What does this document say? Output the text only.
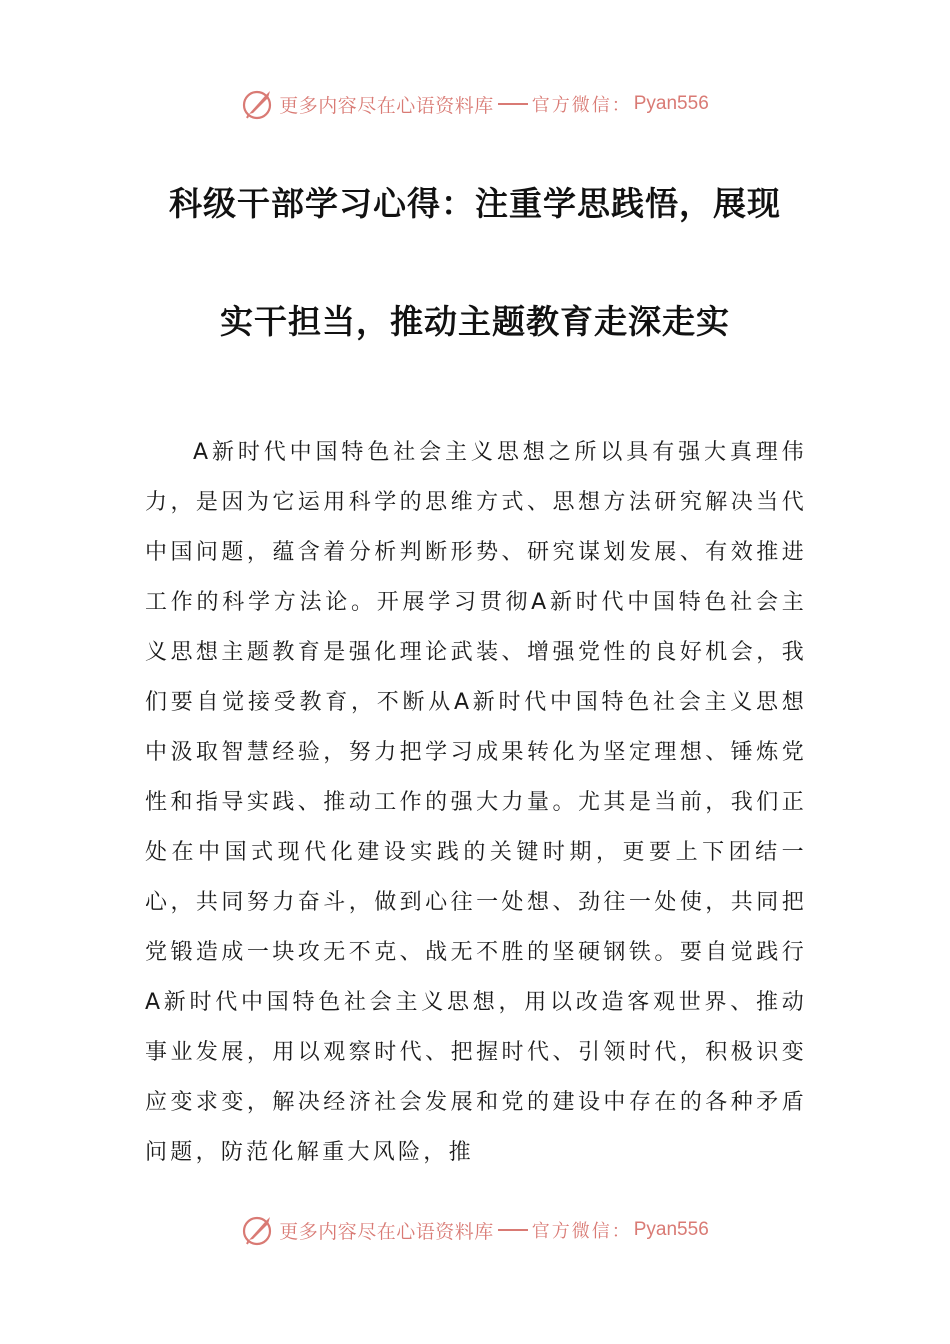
更多内容尽在心语资料库 官方微信： Pyan556
科级干部学习心得：注重学思践悟，展现
实干担当，推动主题教育走深走实

A新时代中国特色社会主义思想之所以具有强大真理伟力，是因为它运用科学的思维方式、思想方法研究解决当代中国问题，蕴含着分析判断形势、研究谋划发展、有效推进工作的科学方法论。开展学习贯彻A新时代中国特色社会主义思想主题教育是强化理论武装、增强党性的良好机会，我们要自觉接受教育，不断从A新时代中国特色社会主义思想中汲取智慧经验，努力把学习成果转化为坚定理想、锤炼党性和指导实践、推动工作的强大力量。尤其是当前，我们正处在中国式现代化建设实践的关键时期，更要上下团结一心，共同努力奋斗，做到心往一处想、劲往一处使，共同把党锻造成一块攻无不克、战无不胜的坚硬钢铁。要自觉践行A新时代中国特色社会主义思想，用以改造客观世界、推动事业发展，用以观察时代、把握时代、引领时代，积极识变应变求变，解决经济社会发展和党的建设中存在的各种矛盾问题，防范化解重大风险，推

更多内容尽在心语资料库 官方微信： Pyan556
